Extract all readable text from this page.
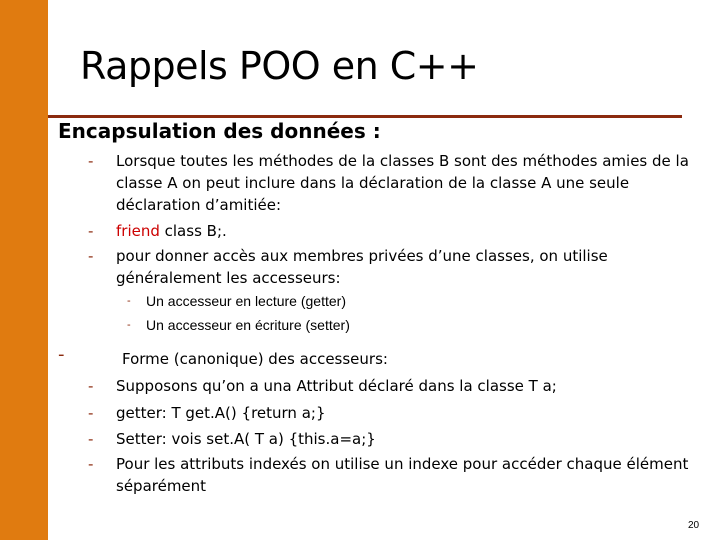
Rappels POO en C++
Encapsulation des données :
- Lorsque toutes les méthodes de la classes B sont des méthodes amies de la classe A on peut inclure dans la déclaration de la classe A une seule déclaration d’amitiée:
- friend class B;.
- pour donner accès aux membres privées d’une classes, on utilise généralement les accesseurs:
- Un accesseur en lecture (getter)
- Un accesseur en écriture (setter)
-	Forme (canonique) des accesseurs:
- Supposons qu’on a una Attribut déclaré dans la classe T a;
- getter: T get.A() {return a;}
- Setter: vois set.A( T a) {this.a=a;}
- Pour les attributs indexés on utilise un indexe pour accéder chaque élément séparément
20
